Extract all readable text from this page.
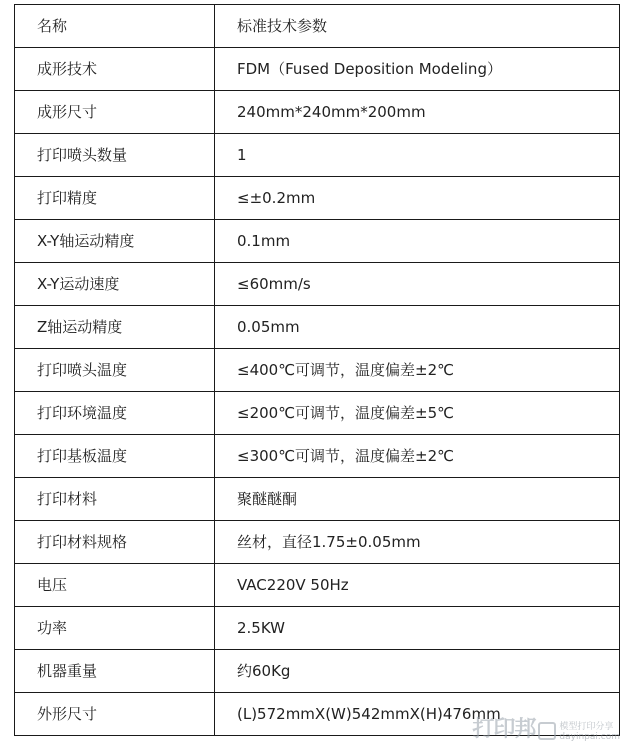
名称	标准技术参数
成形技术	FDM（Fused Deposition Modeling）
成形尺寸	240mm*240mm*200mm
打印喷头数量	1
打印精度	≤±0.2mm
X-Y轴运动精度	0.1mm
X-Y运动速度	≤60mm/s
Z轴运动精度	0.05mm
打印喷头温度	≤400℃可调节，温度偏差±2℃
打印环境温度	≤200℃可调节，温度偏差±5℃
打印基板温度	≤300℃可调节，温度偏差±2℃
打印材料	聚醚醚酮
打印材料规格	丝材，直径1.75±0.05mm
电压	VAC220V 50Hz
功率	2.5KW
机器重量	约60Kg
外形尺寸	(L)572mmX(W)542mmX(H)476mm
打印邦	模型打印分享
dayinpai.com
